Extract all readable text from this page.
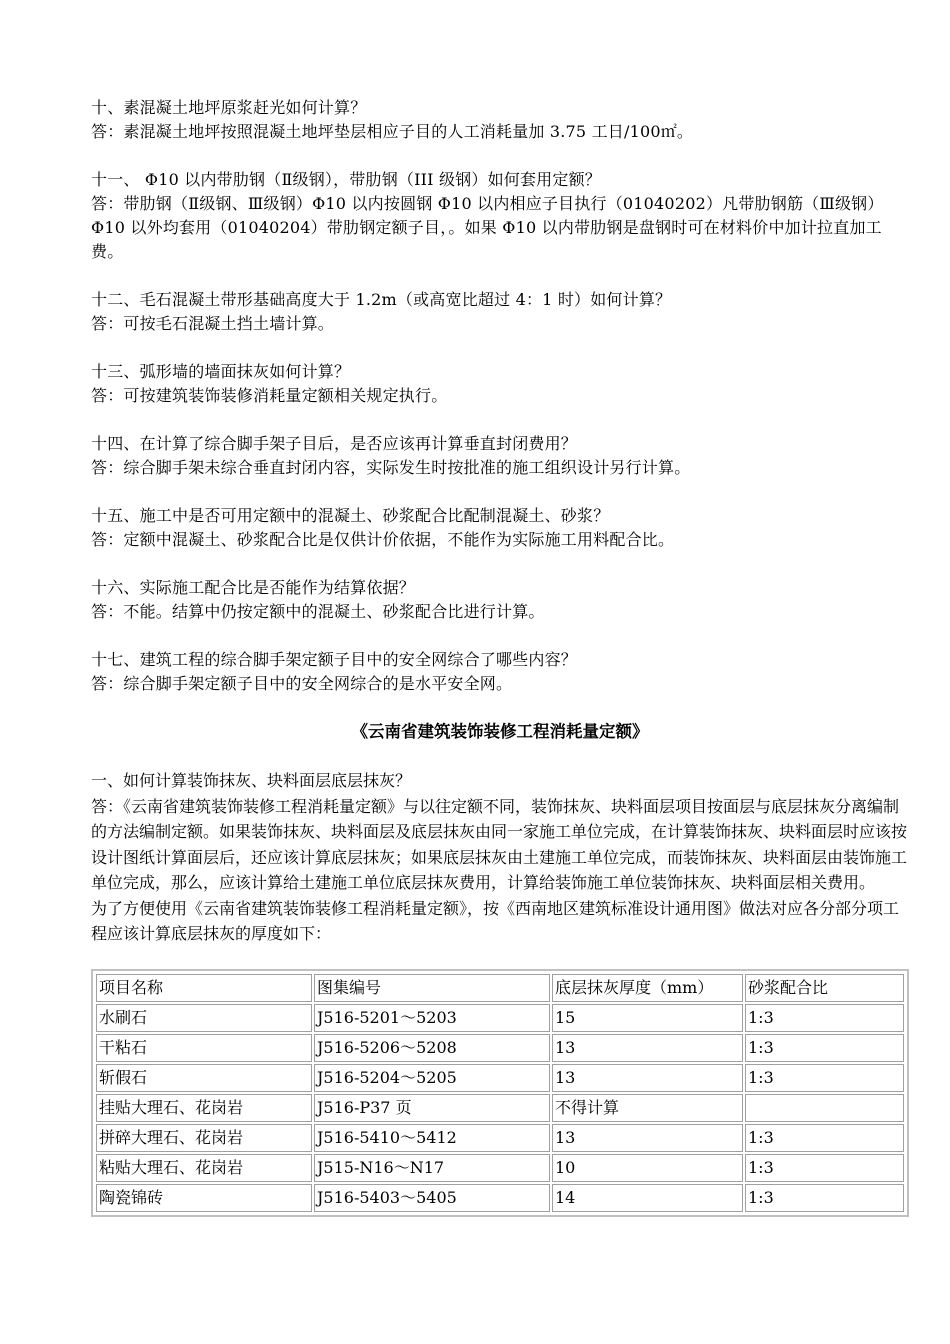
十、素混凝土地坪原浆赶光如何计算？

答：素混凝土地坪按照混凝土地坪垫层相应子目的人工消耗量加 3.75 工日/100㎡。

十一、 Φ10 以内带肋钢（Ⅱ级钢），带肋钢（III 级钢）如何套用定额？

答：带肋钢（Ⅱ级钢、Ⅲ级钢）Φ10 以内按圆钢 Φ10 以内相应子目执行（01040202）凡带肋钢筋（Ⅲ级钢）Φ10 以外均套用（01040204）带肋钢定额子目，。如果 Φ10 以内带肋钢是盘钢时可在材料价中加计拉直加工费。

十二、毛石混凝土带形基础高度大于 1.2m（或高宽比超过 4：1 时）如何计算？

答：可按毛石混凝土挡土墙计算。

十三、弧形墙的墙面抹灰如何计算？

答：可按建筑装饰装修消耗量定额相关规定执行。

十四、在计算了综合脚手架子目后，是否应该再计算垂直封闭费用？

答：综合脚手架未综合垂直封闭内容，实际发生时按批准的施工组织设计另行计算。

十五、施工中是否可用定额中的混凝土、砂浆配合比配制混凝土、砂浆？

答：定额中混凝土、砂浆配合比是仅供计价依据，不能作为实际施工用料配合比。

十六、实际施工配合比是否能作为结算依据？

答：不能。结算中仍按定额中的混凝土、砂浆配合比进行计算。

十七、建筑工程的综合脚手架定额子目中的安全网综合了哪些内容？

答：综合脚手架定额子目中的安全网综合的是水平安全网。

《云南省建筑装饰装修工程消耗量定额》

一、如何计算装饰抹灰、块料面层底层抹灰？

答：《云南省建筑装饰装修工程消耗量定额》与以往定额不同，装饰抹灰、块料面层项目按面层与底层抹灰分离编制的方法编制定额。如果装饰抹灰、块料面层及底层抹灰由同一家施工单位完成，在计算装饰抹灰、块料面层时应该按设计图纸计算面层后，还应该计算底层抹灰；如果底层抹灰由土建施工单位完成，而装饰抹灰、块料面层由装饰施工单位完成，那么，应该计算给土建施工单位底层抹灰费用，计算给装饰施工单位装饰抹灰、块料面层相关费用。

为了方便使用《云南省建筑装饰装修工程消耗量定额》，按《西南地区建筑标准设计通用图》做法对应各分部分项工程应该计算底层抹灰的厚度如下：

项目名称	图集编号	底层抹灰厚度（mm）	砂浆配合比
水刷石	J516-5201～5203	15	1:3
干粘石	J516-5206～5208	13	1:3
斩假石	J516-5204～5205	13	1:3
挂贴大理石、花岗岩	J516-P37 页	不得计算	
拼碎大理石、花岗岩	J516-5410～5412	13	1:3
粘贴大理石、花岗岩	J515-N16～N17	10	1:3
陶瓷锦砖	J516-5403～5405	14	1:3
